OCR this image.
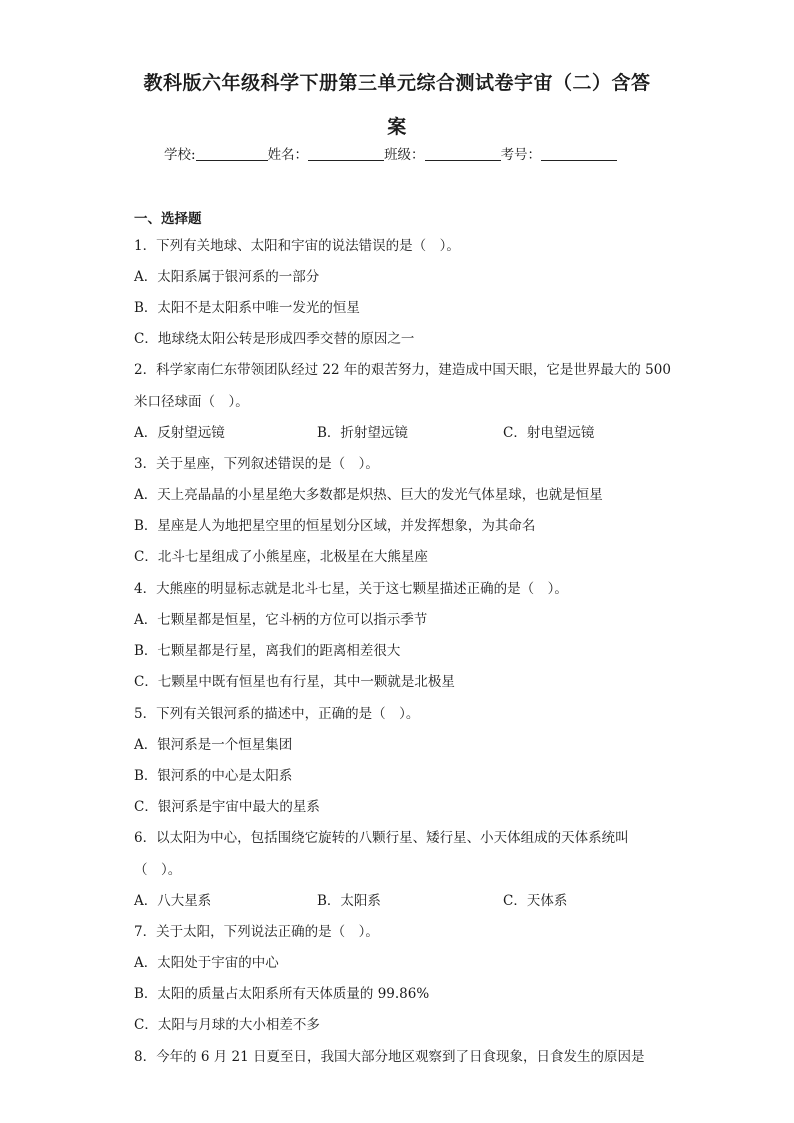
教科版六年级科学下册第三单元综合测试卷宇宙（二）含答
案
学校:	姓名：	班级：	考号：
一、选择题
1．下列有关地球、太阳和宇宙的说法错误的是（　）。
A．太阳系属于银河系的一部分
B．太阳不是太阳系中唯一发光的恒星
C．地球绕太阳公转是形成四季交替的原因之一
2．科学家南仁东带领团队经过 22 年的艰苦努力，建造成中国天眼，它是世界最大的 500
米口径球面（　）。
A．反射望远镜	B．折射望远镜	C．射电望远镜
3．关于星座，下列叙述错误的是（　）。
A．天上亮晶晶的小星星绝大多数都是炽热、巨大的发光气体星球，也就是恒星
B．星座是人为地把星空里的恒星划分区域，并发挥想象，为其命名
C．北斗七星组成了小熊星座，北极星在大熊星座
4．大熊座的明显标志就是北斗七星，关于这七颗星描述正确的是（　）。
A．七颗星都是恒星，它斗柄的方位可以指示季节
B．七颗星都是行星，离我们的距离相差很大
C．七颗星中既有恒星也有行星，其中一颗就是北极星
5．下列有关银河系的描述中，正确的是（　）。
A．银河系是一个恒星集团
B．银河系的中心是太阳系
C．银河系是宇宙中最大的星系
6．以太阳为中心，包括围绕它旋转的八颗行星、矮行星、小天体组成的天体系统叫
（　）。
A．八大星系	B．太阳系	C．天体系
7．关于太阳，下列说法正确的是（　）。
A．太阳处于宇宙的中心
B．太阳的质量占太阳系所有天体质量的 99.86%
C．太阳与月球的大小相差不多
8．今年的 6 月 21 日夏至日，我国大部分地区观察到了日食现象，日食发生的原因是
